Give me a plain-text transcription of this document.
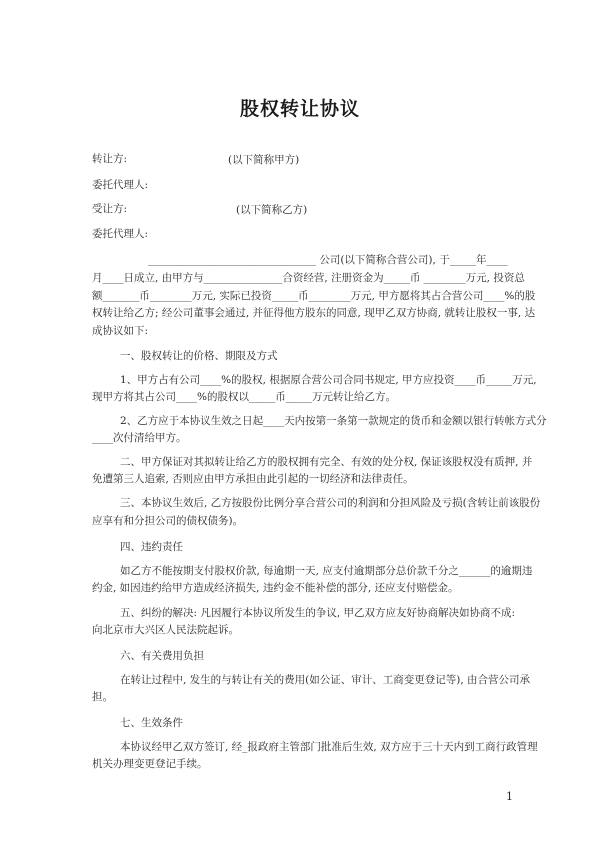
股权转让协议
转让方:	(以下简称甲方)
委托代理人:
受让方:	(以下简称乙方)
委托代理人:
________________________________ 公司(以下简称合营公司), 于_____年____
月____日成立, 由甲方与_______________合资经营, 注册资金为_____币 ________万元, 投资总
额_______币________万元, 实际已投资_____币________万元, 甲方愿将其占合营公司____%的股
权转让给乙方; 经公司董事会通过, 并征得他方股东的同意, 现甲乙双方协商, 就转让股权一事, 达
成协议如下:
一、股权转让的价格、期限及方式
1、甲方占有公司____%的股权, 根据原合营公司合同书规定, 甲方应投资____币_____万元,
现甲方将其占公司____%的股权以_____币_____万元转让给乙方。
2、乙方应于本协议生效之日起____天内按第一条第一款规定的货币和金额以银行转帐方式分
____次付清给甲方。
二、甲方保证对其拟转让给乙方的股权拥有完全、有效的处分权, 保证该股权没有质押, 并
免遭第三人追索, 否则应由甲方承担由此引起的一切经济和法律责任。
三、本协议生效后, 乙方按股份比例分享合营公司的利润和分担风险及亏损(含转让前该股份
应享有和分担公司的债权债务)。
四、违约责任
如乙方不能按期支付股权价款, 每逾期一天, 应支付逾期部分总价款千分之______的逾期违
约金, 如因违约给甲方造成经济损失, 违约金不能补偿的部分, 还应支付赔偿金。
五、纠纷的解决: 凡因履行本协议所发生的争议, 甲乙双方应友好协商解决如协商不成:
向北京市大兴区人民法院起诉。
六、有关费用负担
在转让过程中, 发生的与转让有关的费用(如公证、审计、工商变更登记等), 由合营公司承
担。
七、生效条件
本协议经甲乙双方签订, 经_报政府主管部门批准后生效, 双方应于三十天内到工商行政管理
机关办理变更登记手续。
1
